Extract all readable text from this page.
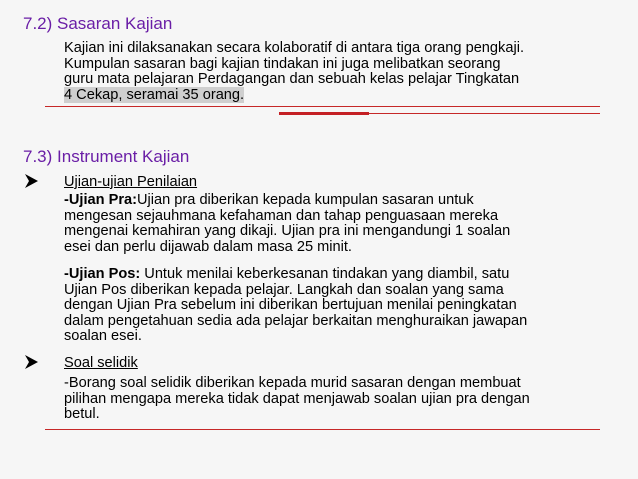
7.2) Sasaran Kajian
Kajian ini dilaksanakan secara kolaboratif di antara tiga orang pengkaji.
Kumpulan sasaran bagi kajian tindakan ini juga melibatkan seorang
guru mata pelajaran Perdagangan dan sebuah kelas pelajar Tingkatan
4 Cekap, seramai 35 orang.
7.3) Instrument Kajian
Ujian-ujian Penilaian
-Ujian Pra:Ujian pra diberikan kepada kumpulan sasaran untuk
mengesan sejauhmana kefahaman dan tahap penguasaan mereka
mengenai kemahiran yang dikaji. Ujian pra ini mengandungi 1 soalan
esei dan perlu dijawab dalam masa 25 minit.
-Ujian Pos: Untuk menilai keberkesanan tindakan yang diambil, satu
Ujian Pos diberikan kepada pelajar. Langkah dan soalan yang sama
dengan Ujian Pra sebelum ini diberikan bertujuan menilai peningkatan
dalam pengetahuan sedia ada pelajar berkaitan menghuraikan jawapan
soalan esei.
Soal selidik
-Borang soal selidik diberikan kepada murid sasaran dengan membuat
pilihan mengapa mereka tidak dapat menjawab soalan ujian pra dengan
betul.
